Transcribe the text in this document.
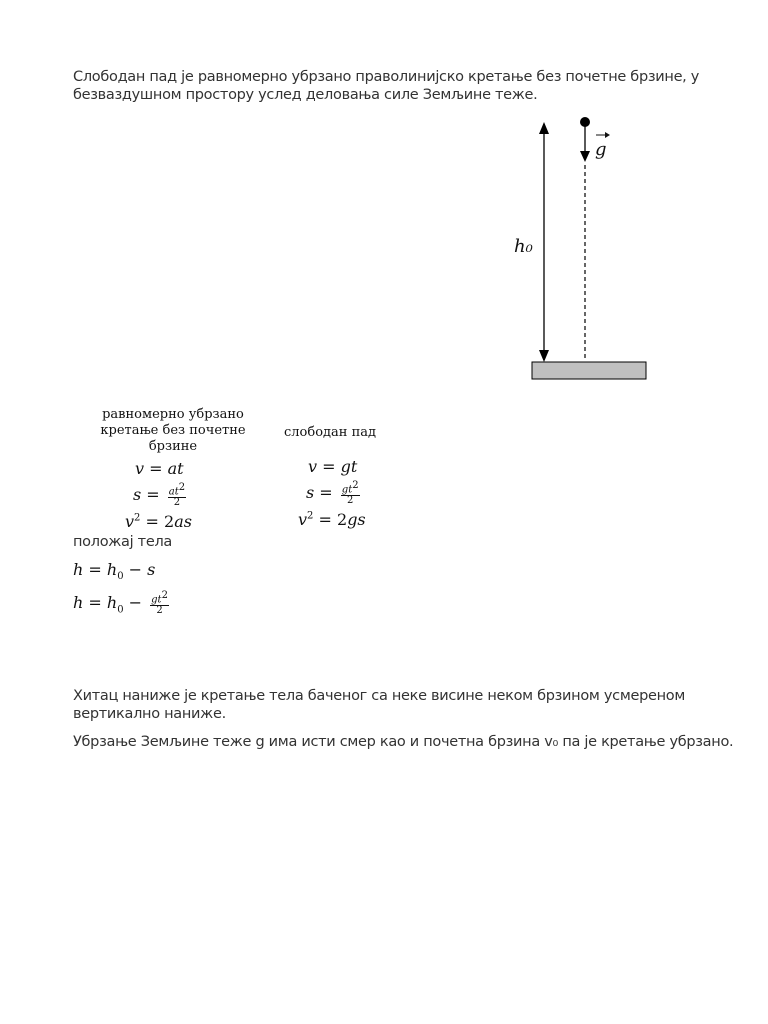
Слободан пад је равномерно убрзано праволинијско кретање без почетне брзине, у
безваздушном простору услед деловања силе Земљине теже.
h₀
g
равномерно убрзано
кретање без почетне
брзине
слободан пад
v = at
$s = \frac{at^2}{2}$
$v^2 = 2as$
v = gt
$s = \frac{gt^2}{2}$
$v^2 = 2gs$
положај тела
$h = h_0 - s$
$h = h_0 - \frac{gt^2}{2}$
Хитац наниже је кретање тела баченог са неке висине неком брзином усмереном
вертикално наниже.
Убрзање Земљине теже g има исти смер као и почетна брзина v₀ па је кретање убрзано.
